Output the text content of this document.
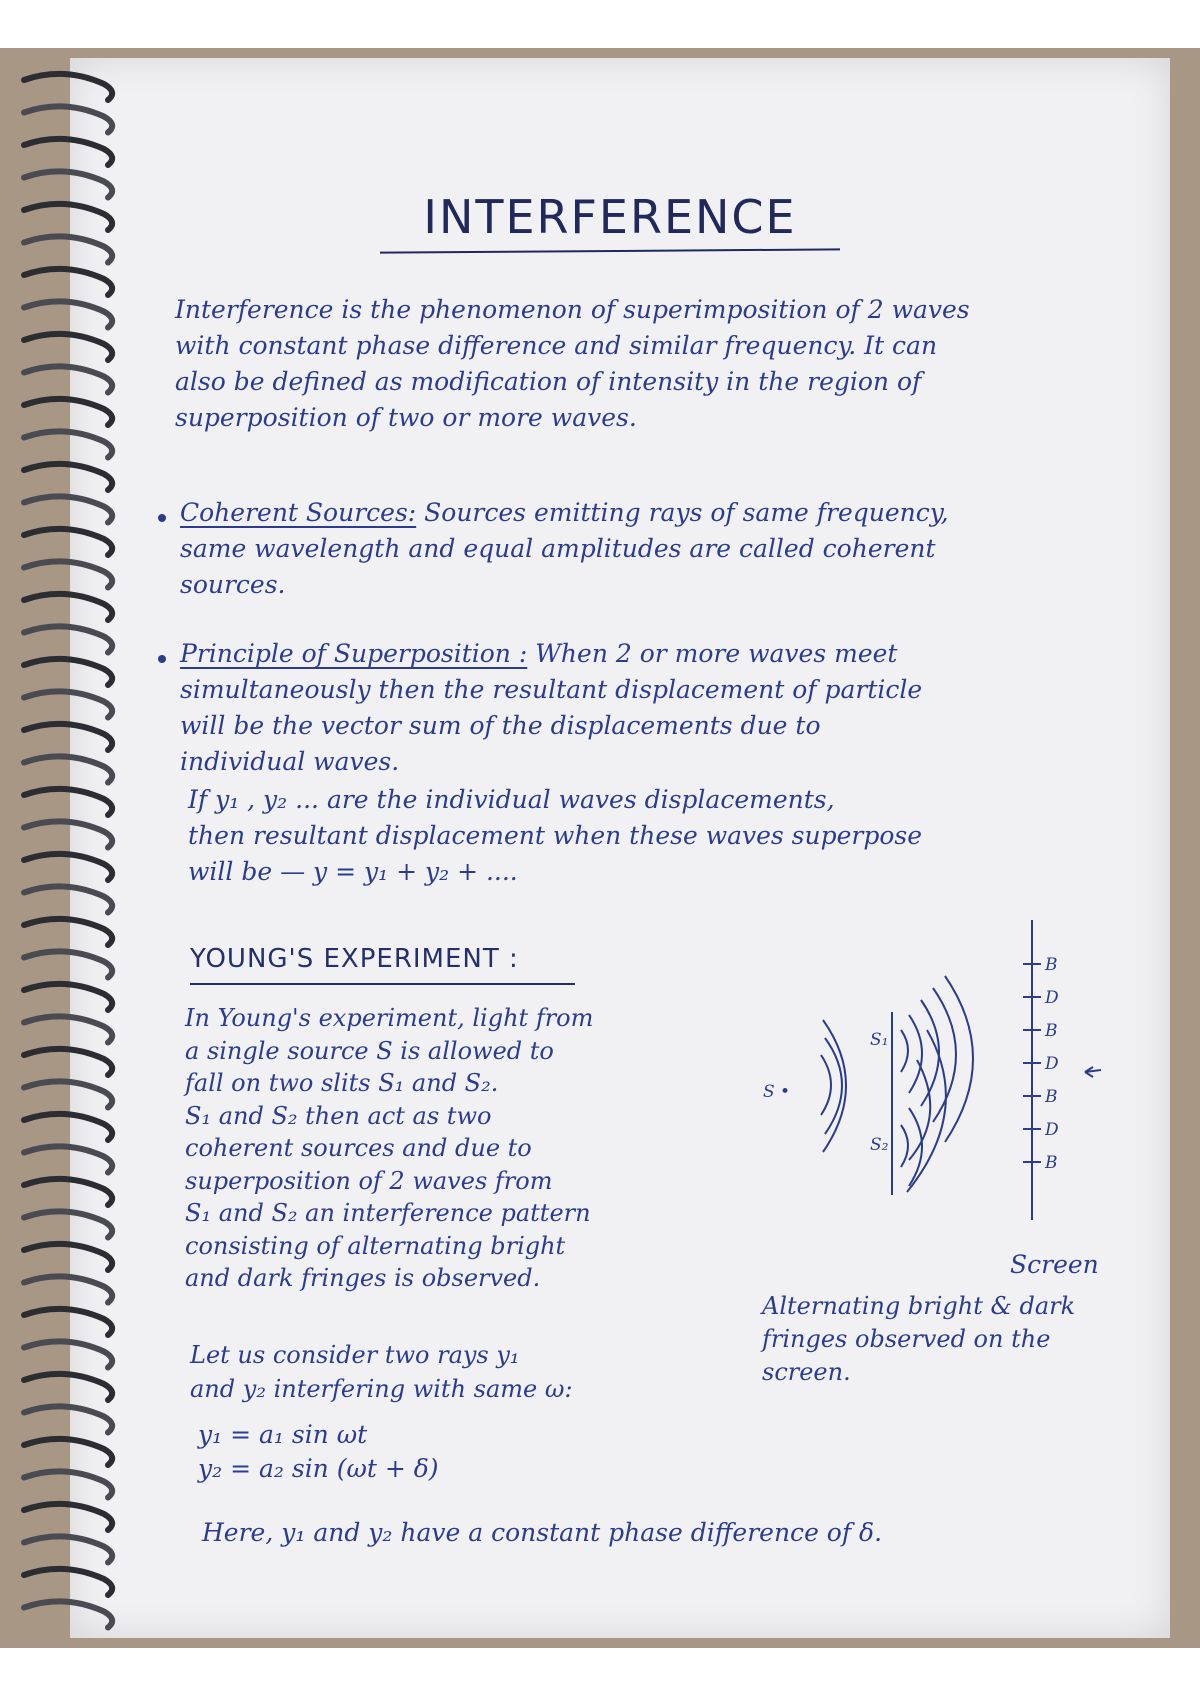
INTERFERENCE
Interference is the phenomenon of superimposition of 2 waves
with constant phase difference and similar frequency. It can
also be defined as modification of intensity in the region of
superposition of two or more waves.
Coherent Sources: Sources emitting rays of same frequency,
same wavelength and equal amplitudes are called coherent
sources.
Principle of Superposition : When 2 or more waves meet
simultaneously then the resultant displacement of particle
will be the vector sum of the displacements due to
individual waves.
If y₁ , y₂ ... are the individual waves displacements,
then resultant displacement when these waves superpose
will be — y = y₁ + y₂ + ....
YOUNG'S EXPERIMENT :
In Young's experiment, light from
a single source S is allowed to
fall on two slits S₁ and S₂.
S₁ and S₂ then act as two
coherent sources and due to
superposition of 2 waves from
S₁ and S₂ an interference pattern
consisting of alternating bright
and dark fringes is observed.
S •
S₁
S₂
B
D
B
D
B
D
B
Screen
Alternating bright & dark
fringes observed on the
screen.
Let us consider two rays y₁
and y₂ interfering with same ω:
y₁ = a₁ sin ωt
y₂ = a₂ sin (ωt + δ)
Here, y₁ and y₂ have a constant phase difference of δ.
